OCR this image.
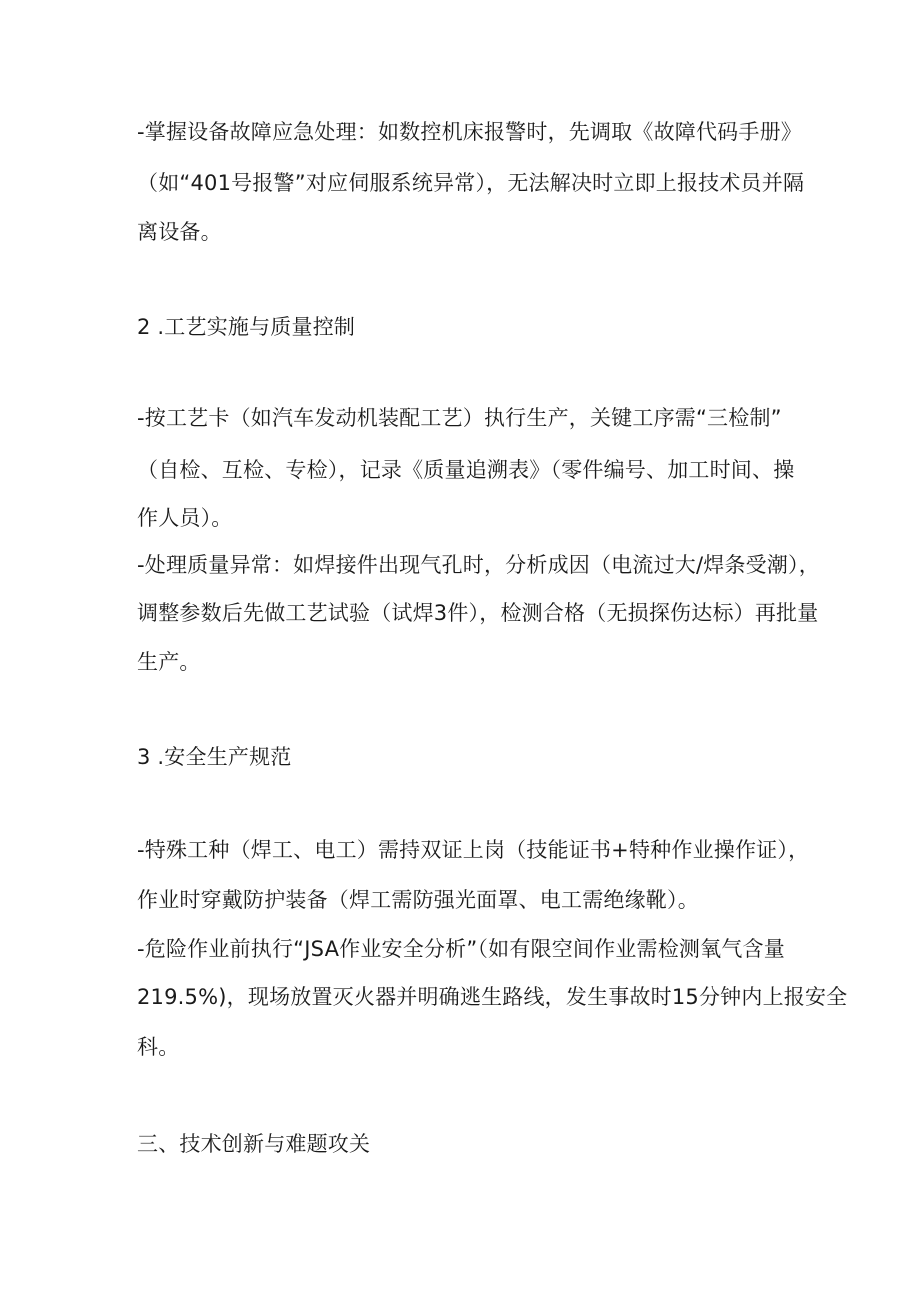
-掌握设备故障应急处理：如数控机床报警时，先调取《故障代码手册》
（如“401号报警”对应伺服系统异常），无法解决时立即上报技术员并隔
离设备。
2 .工艺实施与质量控制
-按工艺卡（如汽车发动机装配工艺）执行生产，关键工序需“三检制”
（自检、互检、专检），记录《质量追溯表》（零件编号、加工时间、操
作人员）。
-处理质量异常：如焊接件出现气孔时，分析成因（电流过大/焊条受潮），
调整参数后先做工艺试验（试焊3件），检测合格（无损探伤达标）再批量
生产。
3 .安全生产规范
-特殊工种（焊工、电工）需持双证上岗（技能证书+特种作业操作证），
作业时穿戴防护装备（焊工需防强光面罩、电工需绝缘靴）。
-危险作业前执行“JSA作业安全分析”（如有限空间作业需检测氧气含量
219.5%)，现场放置灭火器并明确逃生路线，发生事故时15分钟内上报安全
科。
三、技术创新与难题攻关
